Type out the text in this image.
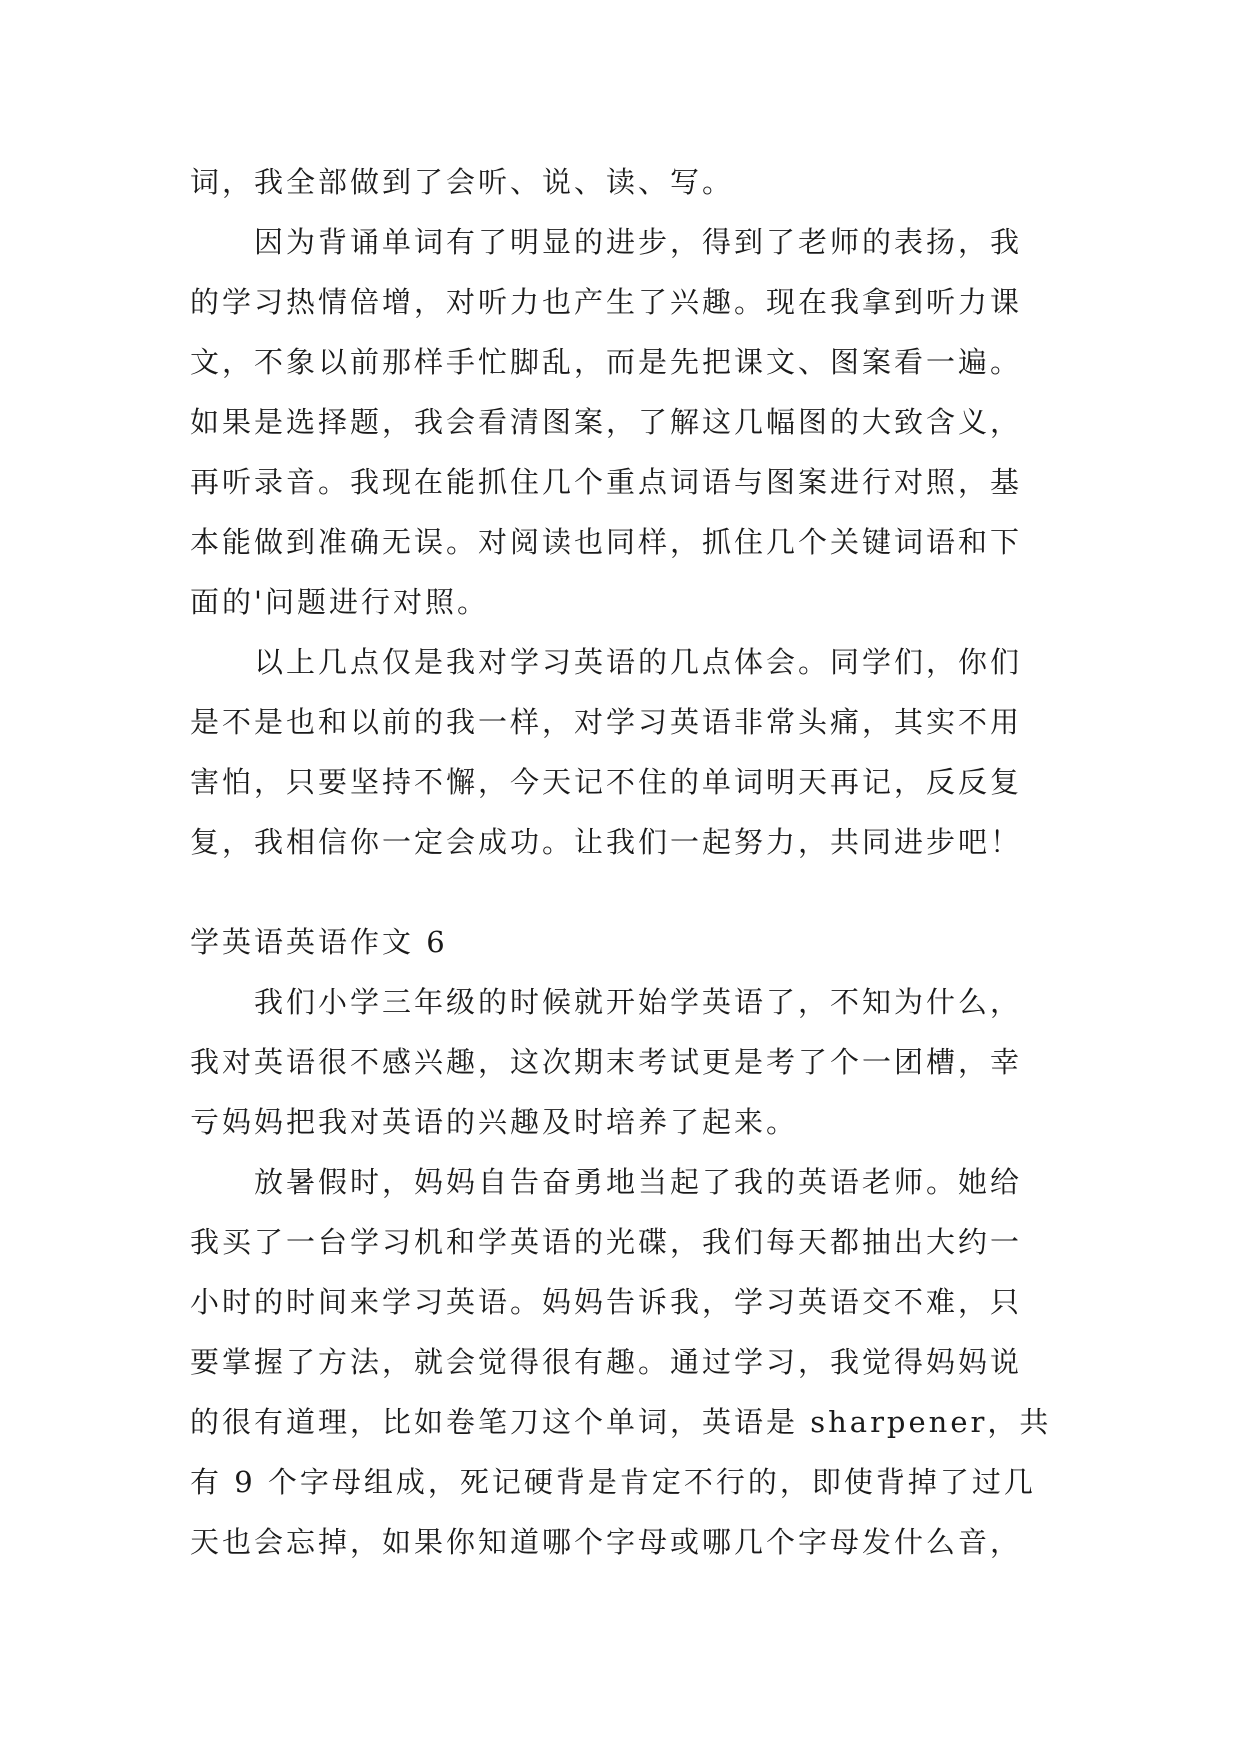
词，我全部做到了会听、说、读、写。
因为背诵单词有了明显的进步，得到了老师的表扬，我
的学习热情倍增，对听力也产生了兴趣。现在我拿到听力课
文，不象以前那样手忙脚乱，而是先把课文、图案看一遍。
如果是选择题，我会看清图案，了解这几幅图的大致含义，
再听录音。我现在能抓住几个重点词语与图案进行对照，基
本能做到准确无误。对阅读也同样，抓住几个关键词语和下
面的'问题进行对照。
以上几点仅是我对学习英语的几点体会。同学们，你们
是不是也和以前的我一样，对学习英语非常头痛，其实不用
害怕，只要坚持不懈，今天记不住的单词明天再记，反反复
复，我相信你一定会成功。让我们一起努力，共同进步吧！
学英语英语作文 6
我们小学三年级的时候就开始学英语了，不知为什么，
我对英语很不感兴趣，这次期末考试更是考了个一团槽，幸
亏妈妈把我对英语的兴趣及时培养了起来。
放暑假时，妈妈自告奋勇地当起了我的英语老师。她给
我买了一台学习机和学英语的光碟，我们每天都抽出大约一
小时的时间来学习英语。妈妈告诉我，学习英语交不难，只
要掌握了方法，就会觉得很有趣。通过学习，我觉得妈妈说
的很有道理，比如卷笔刀这个单词，英语是 sharpener，共
有 9 个字母组成，死记硬背是肯定不行的，即使背掉了过几
天也会忘掉，如果你知道哪个字母或哪几个字母发什么音，
